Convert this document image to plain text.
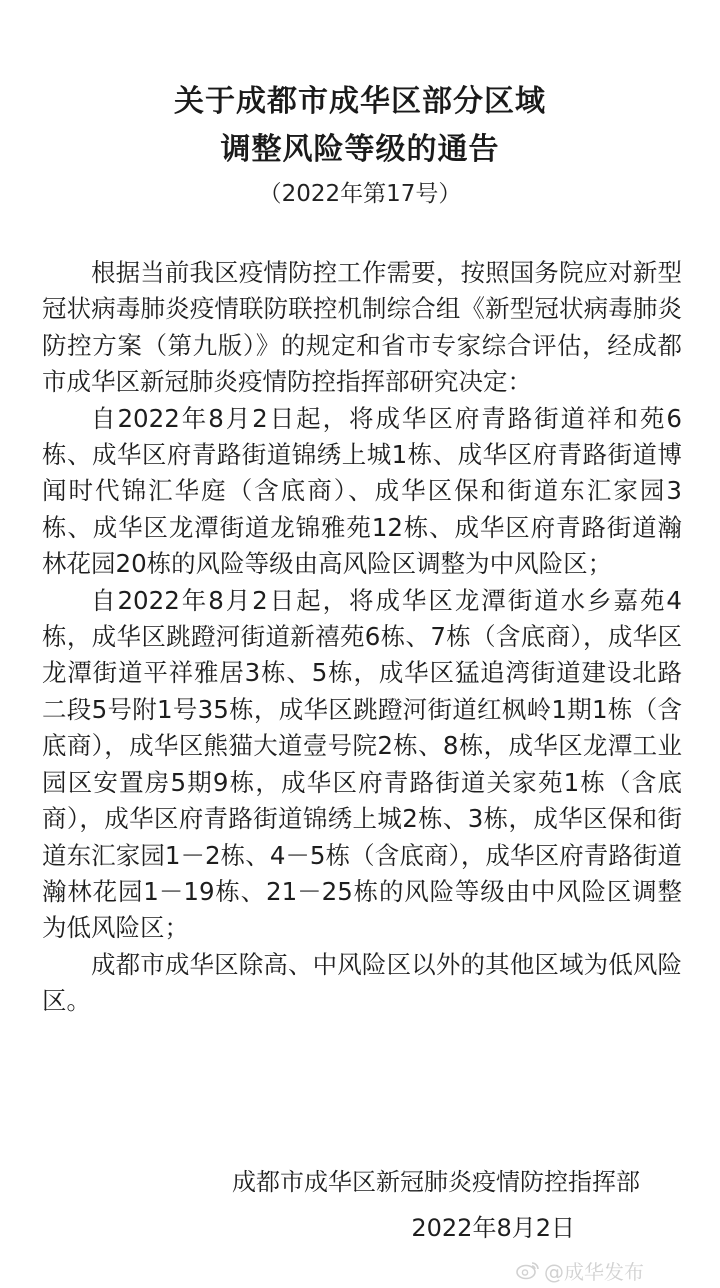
关于成都市成华区部分区域
调整风险等级的通告
（2022年第17号）

根据当前我区疫情防控工作需要，按照国务院应对新型冠状病毒肺炎疫情联防联控机制综合组《新型冠状病毒肺炎防控方案（第九版）》的规定和省市专家综合评估，经成都市成华区新冠肺炎疫情防控指挥部研究决定：

自2022年8月2日起，将成华区府青路街道祥和苑6栋、成华区府青路街道锦绣上城1栋、成华区府青路街道博闻时代锦汇华庭（含底商）、成华区保和街道东汇家园3栋、成华区龙潭街道龙锦雅苑12栋、成华区府青路街道瀚林花园20栋的风险等级由高风险区调整为中风险区；

自2022年8月2日起，将成华区龙潭街道水乡嘉苑4栋，成华区跳蹬河街道新禧苑6栋、7栋（含底商），成华区龙潭街道平祥雅居3栋、5栋，成华区猛追湾街道建设北路二段5号附1号35栋，成华区跳蹬河街道红枫岭1期1栋（含底商），成华区熊猫大道壹号院2栋、8栋，成华区龙潭工业园区安置房5期9栋，成华区府青路街道关家苑1栋（含底商），成华区府青路街道锦绣上城2栋、3栋，成华区保和街道东汇家园1－2栋、4－5栋（含底商），成华区府青路街道瀚林花园1－19栋、21－25栋的风险等级由中风险区调整为低风险区；

成都市成华区除高、中风险区以外的其他区域为低风险区。

成都市成华区新冠肺炎疫情防控指挥部
2022年8月2日
@成华发布
